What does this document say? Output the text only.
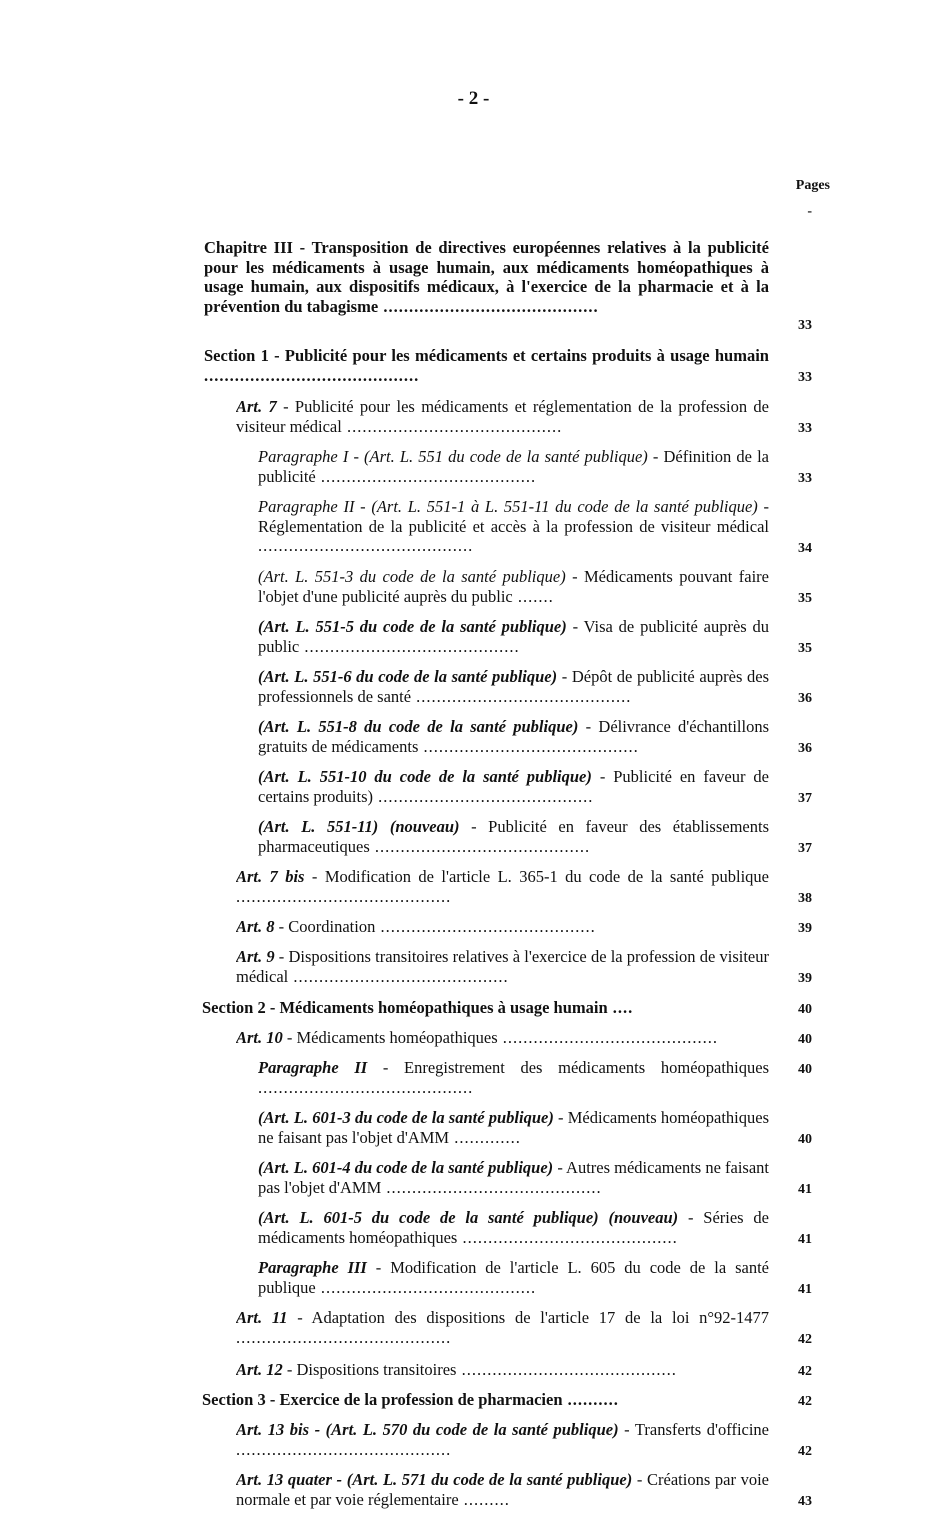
- 2 -
Pages
-
Chapitre III - Transposition de directives européennes relatives à la publicité pour les médicaments à usage humain, aux médicaments homéopathiques à usage humain, aux dispositifs médicaux, à l'exercice de la pharmacie et à la prévention du tabagisme ..........................................
33
Section 1 - Publicité pour les médicaments et certains produits à usage humain ..........................................	33
Art. 7 - Publicité pour les médicaments et réglementation de la profession de visiteur médical ..........................................	33
Paragraphe I - (Art. L. 551 du code de la santé publique) - Définition de la publicité ..........................................	33
Paragraphe II - (Art. L. 551-1 à L. 551-11 du code de la santé publique) - Réglementation de la publicité et accès à la profession de visiteur médical ..........................................	34
(Art. L. 551-3 du code de la santé publique) - Médicaments pouvant faire l'objet d'une publicité auprès du public .......	35
(Art. L. 551-5 du code de la santé publique) - Visa de publicité auprès du public ..........................................	35
(Art. L. 551-6 du code de la santé publique) - Dépôt de publicité auprès des professionnels de santé ..........................................	36
(Art. L. 551-8 du code de la santé publique) - Délivrance d'échantillons gratuits de médicaments ..........................................	36
(Art. L. 551-10 du code de la santé publique) - Publicité en faveur de certains produits) ..........................................	37
(Art. L. 551-11) (nouveau) - Publicité en faveur des établissements pharmaceutiques ..........................................	37
Art. 7 bis - Modification de l'article L. 365-1 du code de la santé publique ..........................................	38
Art. 8 - Coordination ..........................................	39
Art. 9 - Dispositions transitoires relatives à l'exercice de la profession de visiteur médical ..........................................	39
Section 2 - Médicaments homéopathiques à usage humain ....	40
Art. 10 - Médicaments homéopathiques ..........................................	40
Paragraphe II - Enregistrement des médicaments homéopathiques ..........................................
40
(Art. L. 601-3 du code de la santé publique) - Médicaments homéopathiques ne faisant pas l'objet d'AMM .............	40
(Art. L. 601-4 du code de la santé publique) - Autres médicaments ne faisant pas l'objet d'AMM ..........................................	41
(Art. L. 601-5 du code de la santé publique) (nouveau) - Séries de médicaments homéopathiques ..........................................	41
Paragraphe III - Modification de l'article L. 605 du code de la santé publique ..........................................	41
Art. 11 - Adaptation des dispositions de l'article 17 de la loi n°92-1477 ..........................................	42
Art. 12 - Dispositions transitoires ..........................................	42
Section 3 - Exercice de la profession de pharmacien ..........	42
Art. 13 bis - (Art. L. 570 du code de la santé publique) - Transferts d'officine ..........................................	42
Art. 13 quater - (Art. L. 571 du code de la santé publique) - Créations par voie normale et par voie réglementaire .........	43
